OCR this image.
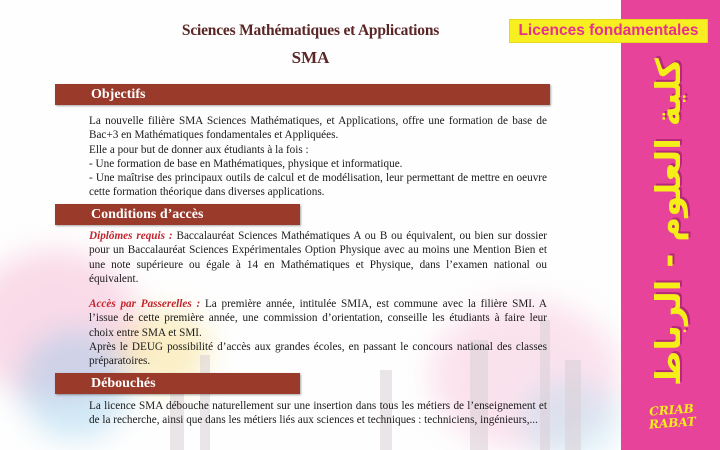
Sciences Mathématiques et Applications
SMA
Objectifs

La nouvelle filière SMA Sciences Mathématiques, et Applications, offre une formation de base de Bac+3 en Mathématiques fondamentales et Appliquées.

Elle a pour but de donner aux étudiants à la fois :

- Une formation de base en Mathématiques, physique et informatique.

- Une maîtrise des principaux outils de calcul et de modélisation, leur permettant de mettre en oeuvre cette formation théorique dans diverses applications.

Conditions d’accès

Diplômes requis : Baccalauréat Sciences Mathématiques A ou B ou équivalent, ou bien sur dossier pour un Baccalauréat Sciences Expérimentales Option Physique avec au moins une Mention Bien et une note supérieure ou égale à 14 en Mathématiques et Physique, dans l’examen national ou équivalent.

Accès par Passerelles : La première année, intitulée SMIA, est commune avec la filière SMI. A l’issue de cette première année, une commission d’orientation, conseille les étudiants à faire leur choix entre SMA et SMI.

Après le DEUG possibilité d’accès aux grandes écoles, en passant le concours national des classes préparatoires.

Débouchés

La licence SMA débouche naturellement sur une insertion dans tous les métiers de l’enseignement et de la recherche, ainsi que dans les métiers liés aux sciences et techniques : techniciens, ingénieurs,...

Licences fondamentales
كلية العلوم - الرباط
CRIAB
RABAT
